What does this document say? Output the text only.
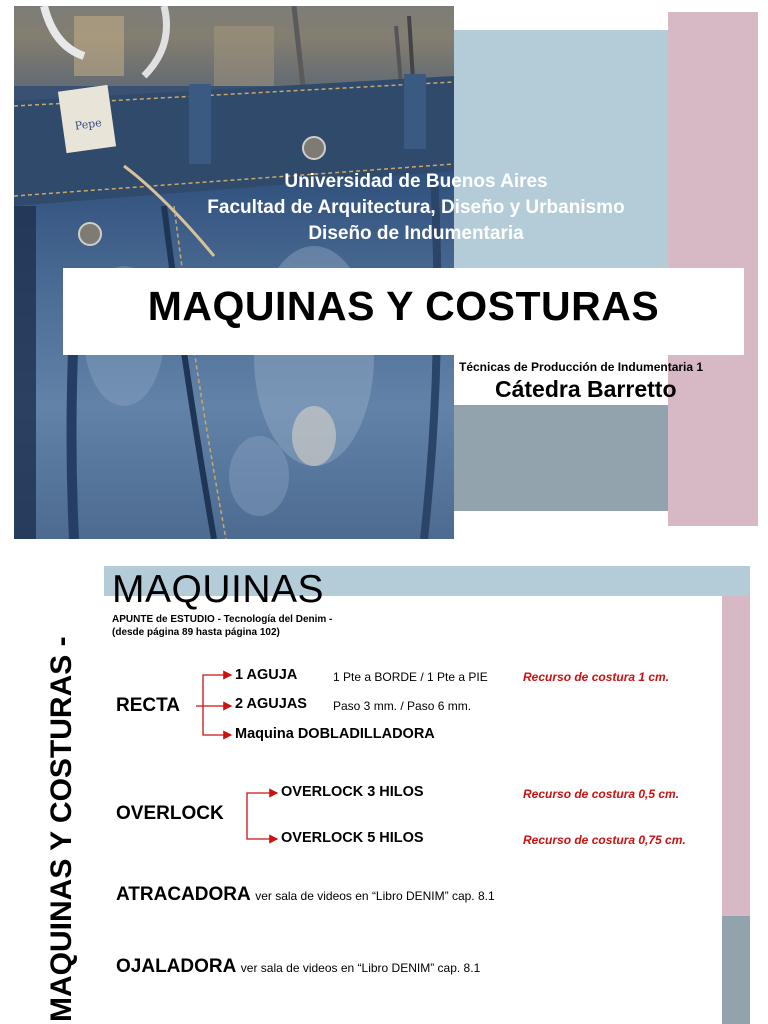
Pepe
Universidad de Buenos Aires
Facultad de Arquitectura, Diseño y Urbanismo
Diseño de Indumentaria
MAQUINAS Y COSTURAS
Técnicas de Producción de Indumentaria 1
Cátedra Barretto
MAQUINAS Y COSTURAS -
MAQUINAS
APUNTE de ESTUDIO - Tecnología del Denim -
(desde página 89 hasta página 102)
RECTA
1 AGUJA	1 Pte a BORDE / 1 Pte a PIE	Recurso de costura 1 cm.
2 AGUJAS Paso 3 mm. / Paso 6 mm.
Maquina DOBLADILLADORA
OVERLOCK
OVERLOCK 3 HILOS	Recurso de costura 0,5 cm.
OVERLOCK 5 HILOS	Recurso de costura 0,75 cm.
ATRACADORA ver sala de videos en “Libro DENIM” cap. 8.1
OJALADORA ver sala de videos en “Libro DENIM” cap. 8.1
